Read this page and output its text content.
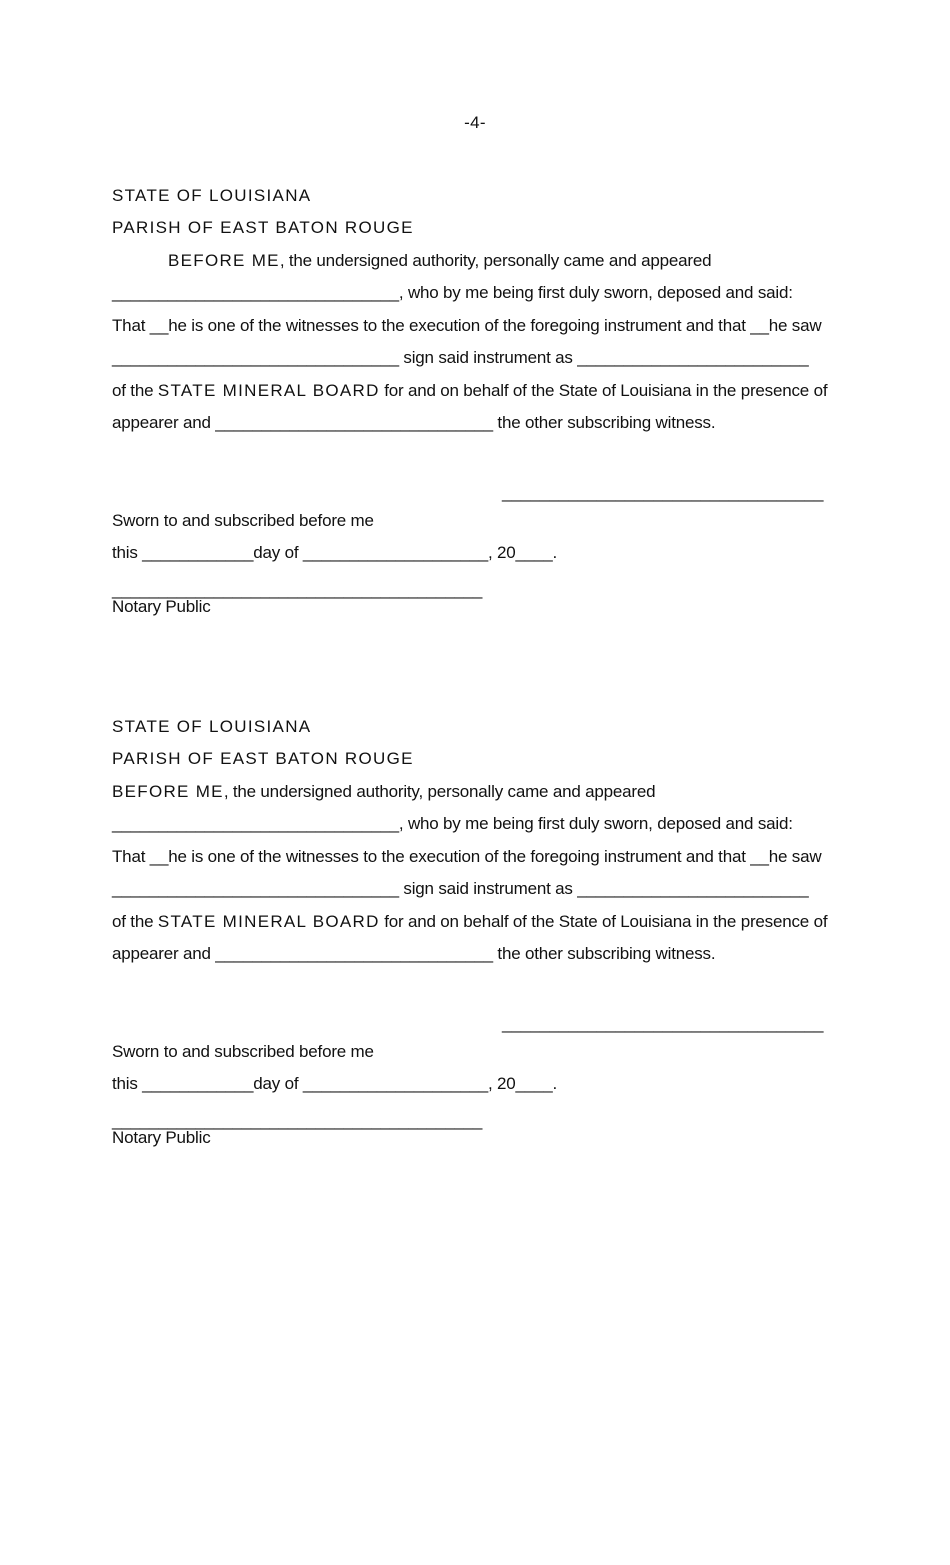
-4-
STATE OF LOUISIANA
PARISH OF EAST BATON ROUGE
BEFORE ME, the undersigned authority, personally came and appeared
_______________________________, who by me being first duly sworn, deposed and said:
That __he is one of the witnesses to the execution of the foregoing instrument and that __he saw
_______________________________ sign said instrument as _________________________
of the STATE MINERAL BOARD for and on behalf of the State of Louisiana in the presence of
appearer and ______________________________ the other subscribing witness.
__________________________________
Sworn to and subscribed before me
this ____________day of ____________________, 20____.
________________________________________
Notary Public
STATE OF LOUISIANA
PARISH OF EAST BATON ROUGE
BEFORE ME, the undersigned authority, personally came and appeared
_______________________________, who by me being first duly sworn, deposed and said:
That __he is one of the witnesses to the execution of the foregoing instrument and that __he saw
_______________________________ sign said instrument as _________________________
of the STATE MINERAL BOARD for and on behalf of the State of Louisiana in the presence of
appearer and ______________________________ the other subscribing witness.
__________________________________
Sworn to and subscribed before me
this ____________day of ____________________, 20____.
________________________________________
Notary Public
